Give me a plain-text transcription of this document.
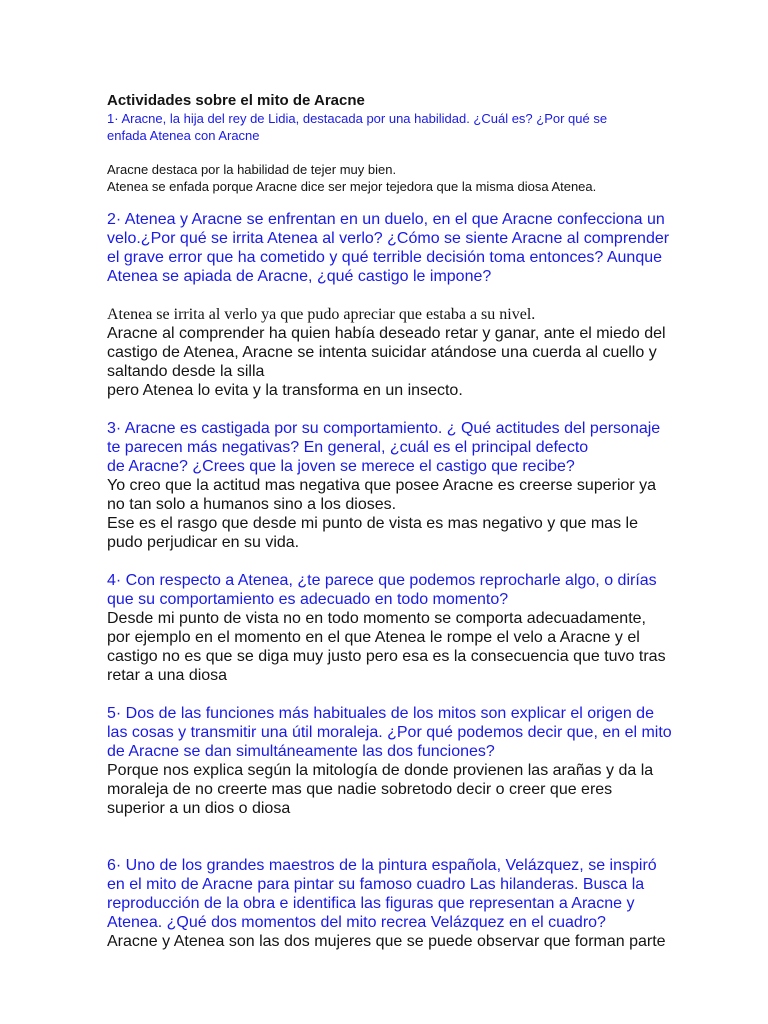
Actividades sobre el mito de Aracne

1· Aracne, la hija del rey de Lidia, destacada por una habilidad. ¿Cuál es? ¿Por qué se
enfada Atenea con Aracne

Aracne destaca por la habilidad de tejer muy bien.
Atenea se enfada porque Aracne dice ser mejor tejedora que la misma diosa Atenea.

2· Atenea y Aracne se enfrentan en un duelo, en el que Aracne confecciona un
velo.¿Por qué se irrita Atenea al verlo? ¿Cómo se siente Aracne al comprender
el grave error que ha cometido y qué terrible decisión toma entonces? Aunque
Atenea se apiada de Aracne, ¿qué castigo le impone?

Atenea se irrita al verlo ya que pudo apreciar que estaba a su nivel.

Aracne al comprender ha quien había deseado retar y ganar, ante el miedo del
castigo de Atenea, Aracne se intenta suicidar atándose una cuerda al cuello y
saltando desde la silla
pero Atenea lo evita y la transforma en un insecto.

3· Aracne es castigada por su comportamiento. ¿ Qué actitudes del personaje
te parecen más negativas? En general, ¿cuál es el principal defecto
de Aracne? ¿Crees que la joven se merece el castigo que recibe?

Yo creo que la actitud mas negativa que posee Aracne es creerse superior ya
no tan solo a humanos sino a los dioses.
Ese es el rasgo que desde mi punto de vista es mas negativo y que mas le
pudo perjudicar en su vida.

4· Con respecto a Atenea, ¿te parece que podemos reprocharle algo, o dirías
que su comportamiento es adecuado en todo momento?

Desde mi punto de vista no en todo momento se comporta adecuadamente,
por ejemplo en el momento en el que Atenea le rompe el velo a Aracne y el
castigo no es que se diga muy justo pero esa es la consecuencia que tuvo tras
retar a una diosa

5· Dos de las funciones más habituales de los mitos son explicar el origen de
las cosas y transmitir una útil moraleja. ¿Por qué podemos decir que, en el mito
de Aracne se dan simultáneamente las dos funciones?

Porque nos explica según la mitología de donde provienen las arañas y da la
moraleja de no creerte mas que nadie sobretodo decir o creer que eres
superior a un dios o diosa

6· Uno de los grandes maestros de la pintura española, Velázquez, se inspiró
en el mito de Aracne para pintar su famoso cuadro Las hilanderas. Busca la
reproducción de la obra e identifica las figuras que representan a Aracne y
Atenea. ¿Qué dos momentos del mito recrea Velázquez en el cuadro?

Aracne y Atenea son las dos mujeres que se puede observar que forman parte
